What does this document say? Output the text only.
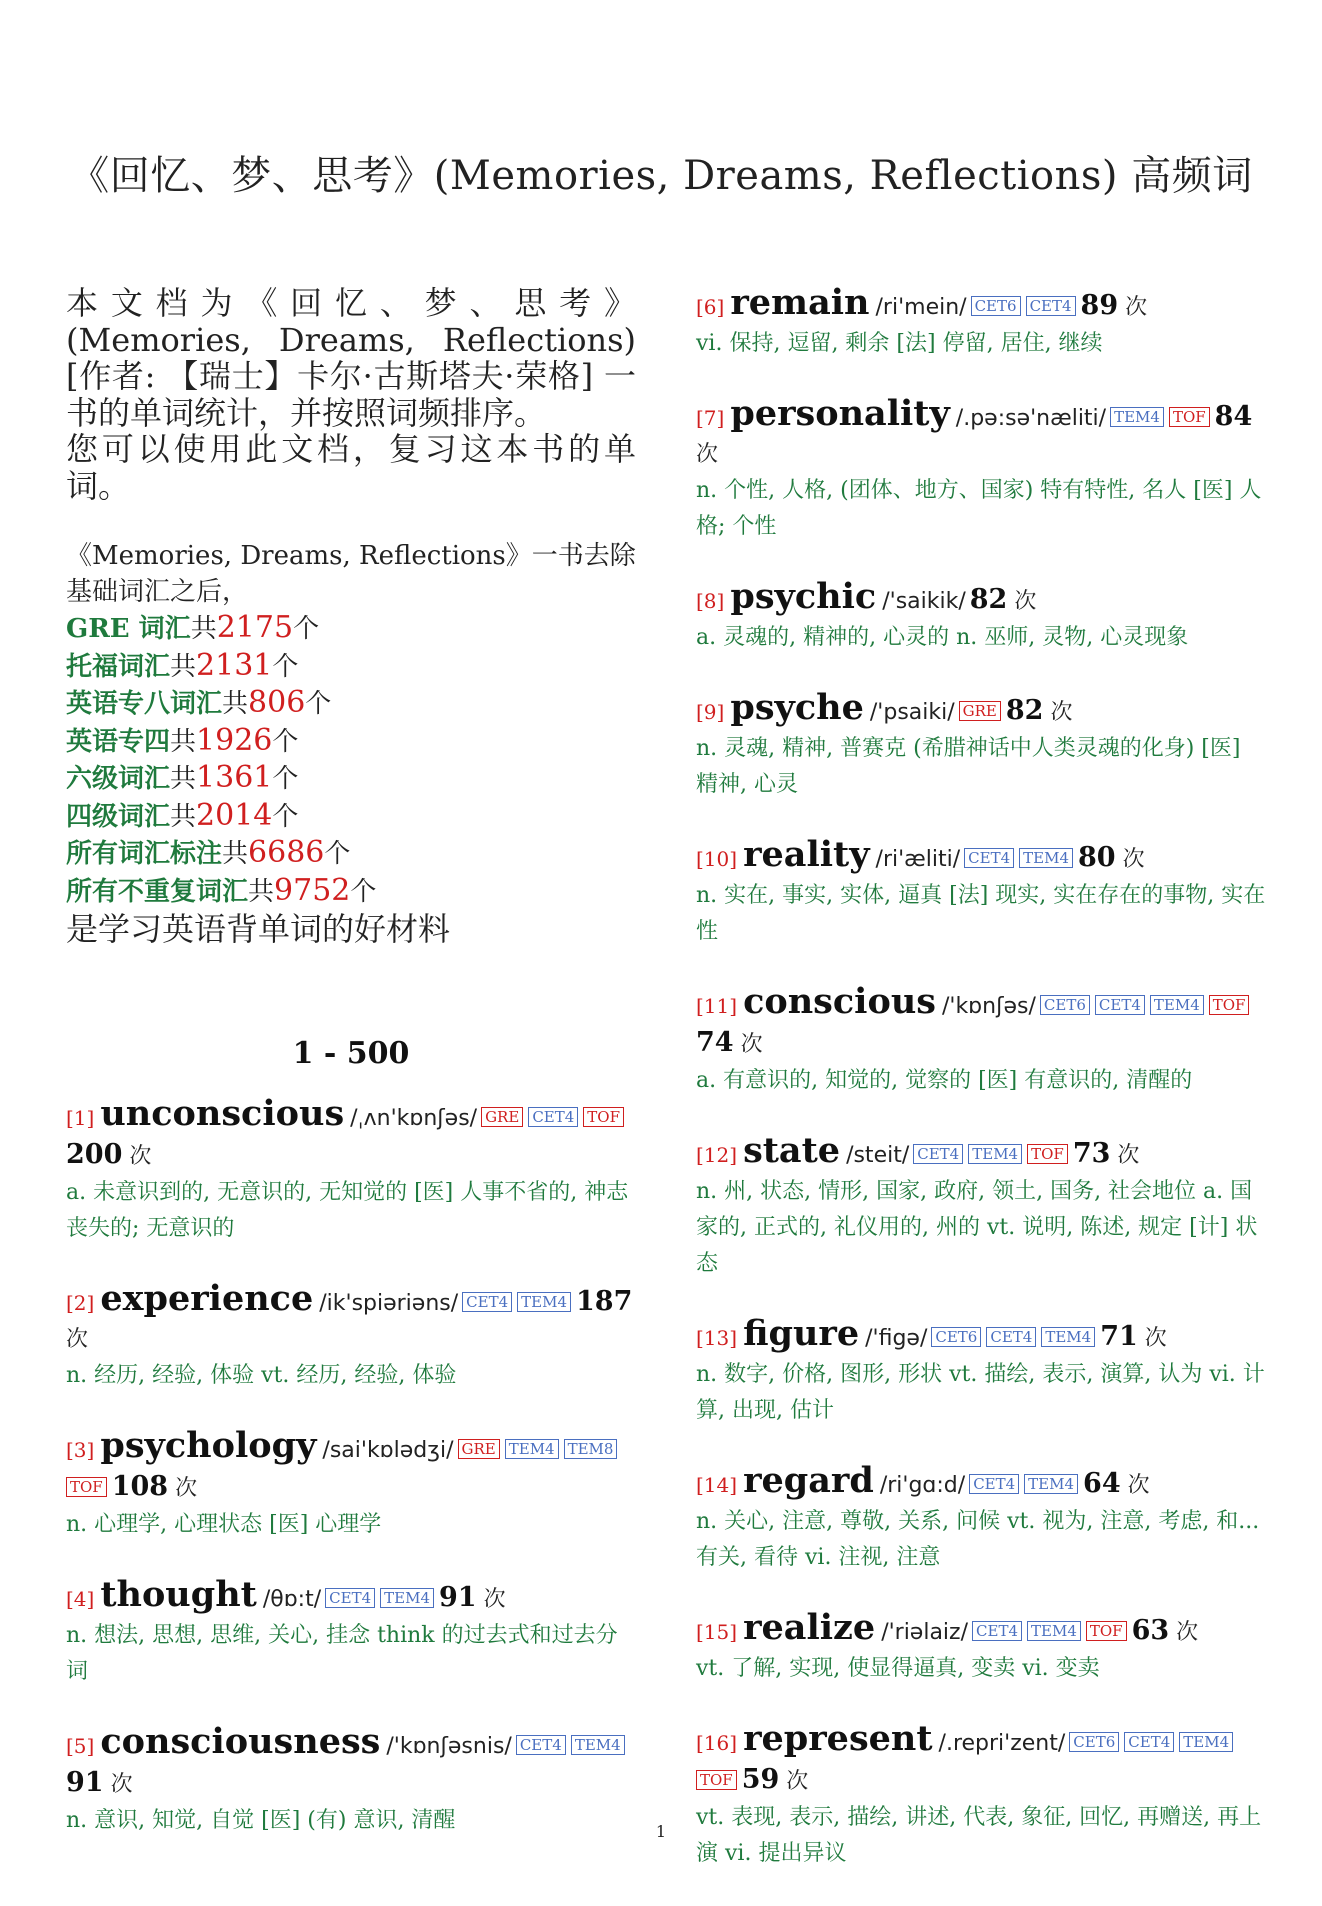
《回忆、梦、思考》(Memories, Dreams, Reflections) 高频词
本文档为《回忆、梦、思考》(Memories, Dreams, Reflections)[作者: 【瑞士】卡尔·古斯塔夫·荣格] 一书的单词统计，并按照词频排序。
您可以使用此文档，复习这本书的单词。
《Memories, Dreams, Reflections》一书去除基础词汇之后，
GRE 词汇共2175个
托福词汇共2131个
英语专八词汇共806个
英语专四共1926个
六级词汇共1361个
四级词汇共2014个
所有词汇标注共6686个
所有不重复词汇共9752个
是学习英语背单词的好材料
1 - 500
[1] unconscious /ˌʌn'kɒnʃəs/ GRE CET4 TOF200 次
a. 未意识到的, 无意识的, 无知觉的 [医] 人事不省的, 神志丧失的; 无意识的
[2] experience /ik'spiəriəns/ CET4 TEM4 187 次
n. 经历, 经验, 体验 vt. 经历, 经验, 体验
[3] psychology /sai'kɒlədʒi/ GRE TEM4 TEM8TOF 108 次
n. 心理学, 心理状态 [医] 心理学
[4] thought /θɒ:t/ CET4 TEM4 91 次
n. 想法, 思想, 思维, 关心, 挂念 think 的过去式和过去分词
[5] consciousness /'kɒnʃəsnis/ CET4 TEM491 次
n. 意识, 知觉, 自觉 [医] (有) 意识, 清醒
[6] remain /ri'mein/ CET6 CET4 89 次
vi. 保持, 逗留, 剩余 [法] 停留, 居住, 继续
[7] personality /.pə:sə'næliti/ TEM4 TOF 84 次
n. 个性, 人格, (团体、地方、国家) 特有特性, 名人 [医] 人格; 个性
[8] psychic /'saikik/ 82 次
a. 灵魂的, 精神的, 心灵的 n. 巫师, 灵物, 心灵现象
[9] psyche /'psaiki/ GRE 82 次
n. 灵魂, 精神, 普赛克 (希腊神话中人类灵魂的化身) [医] 精神, 心灵
[10] reality /ri'æliti/ CET4 TEM4 80 次
n. 实在, 事实, 实体, 逼真 [法] 现实, 实在存在的事物, 实在性
[11] conscious /'kɒnʃəs/ CET6 CET4 TEM4 TOF74 次
a. 有意识的, 知觉的, 觉察的 [医] 有意识的, 清醒的
[12] state /steit/ CET4 TEM4 TOF 73 次
n. 州, 状态, 情形, 国家, 政府, 领土, 国务, 社会地位 a. 国家的, 正式的, 礼仪用的, 州的 vt. 说明, 陈述, 规定 [计] 状态
[13] figure /'figə/ CET6 CET4 TEM4 71 次
n. 数字, 价格, 图形, 形状 vt. 描绘, 表示, 演算, 认为 vi. 计算, 出现, 估计
[14] regard /ri'gɑ:d/ CET4 TEM4 64 次
n. 关心, 注意, 尊敬, 关系, 问候 vt. 视为, 注意, 考虑, 和...有关, 看待 vi. 注视, 注意
[15] realize /'riəlaiz/ CET4 TEM4 TOF 63 次
vt. 了解, 实现, 使显得逼真, 变卖 vi. 变卖
[16] represent /.repri'zent/ CET6 CET4 TEM4TOF 59 次
vt. 表现, 表示, 描绘, 讲述, 代表, 象征, 回忆, 再赠送, 再上演 vi. 提出异议
1
